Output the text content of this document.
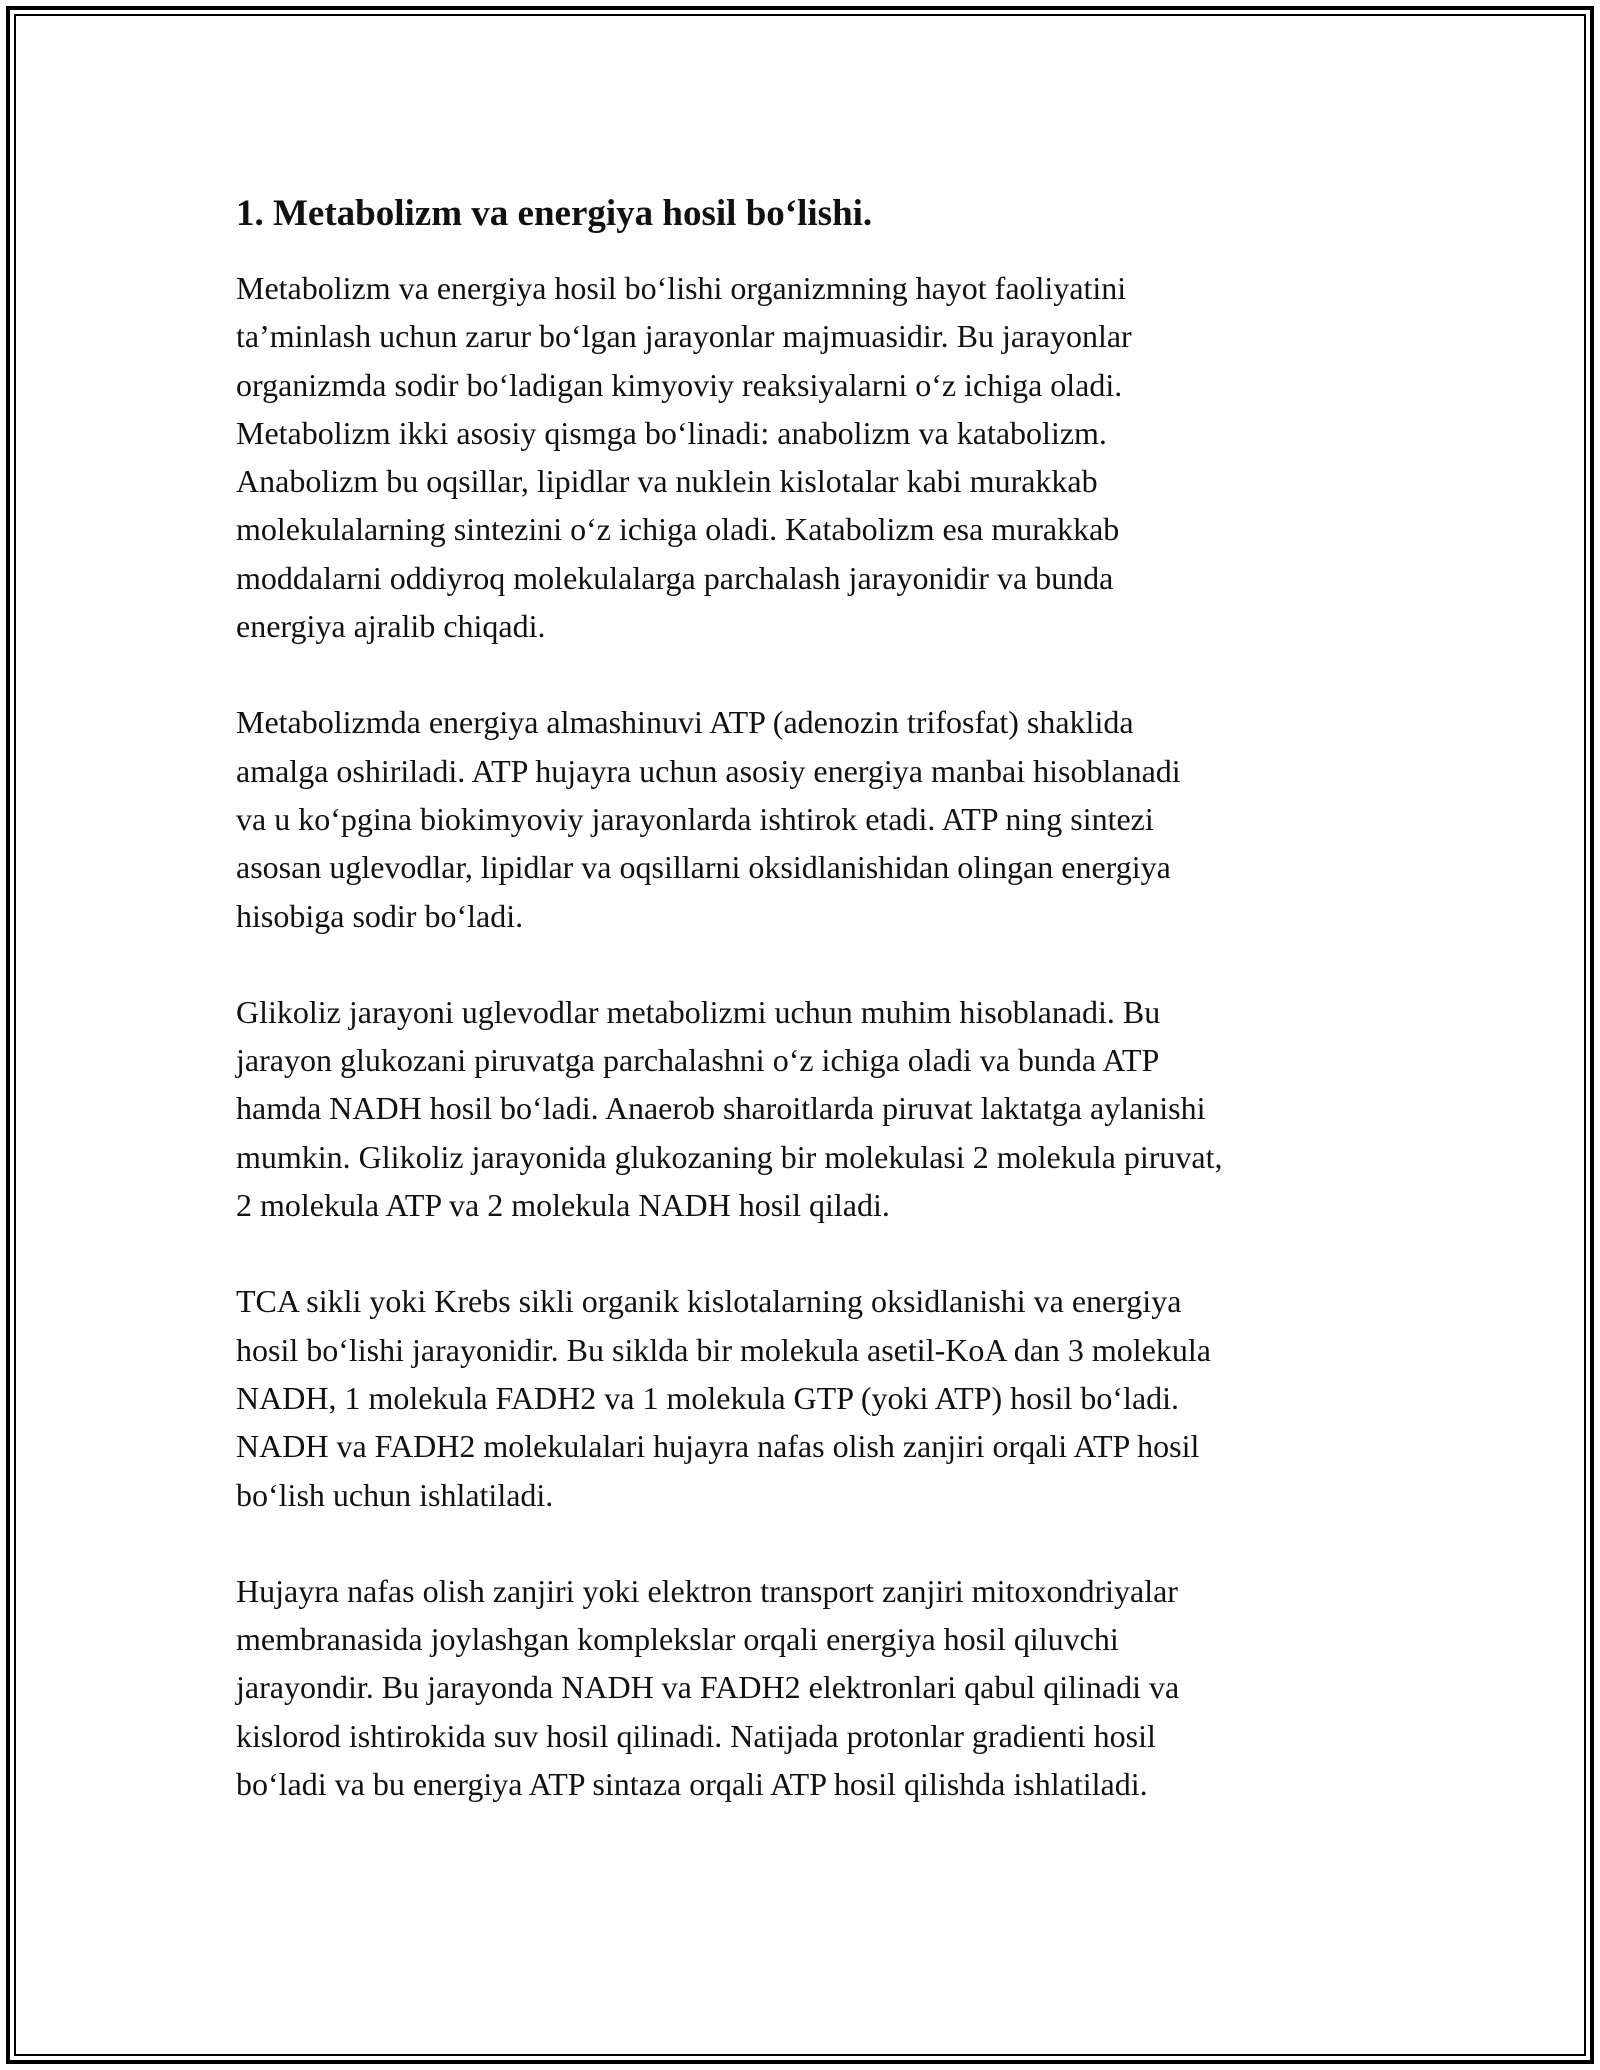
1. Metabolizm va energiya hosil bo‘lishi.

Metabolizm va energiya hosil bo‘lishi organizmning hayot faoliyatini
ta’minlash uchun zarur bo‘lgan jarayonlar majmuasidir. Bu jarayonlar
organizmda sodir bo‘ladigan kimyoviy reaksiyalarni o‘z ichiga oladi.
Metabolizm ikki asosiy qismga bo‘linadi: anabolizm va katabolizm.
Anabolizm bu oqsillar, lipidlar va nuklein kislotalar kabi murakkab
molekulalarning sintezini o‘z ichiga oladi. Katabolizm esa murakkab
moddalarni oddiyroq molekulalarga parchalash jarayonidir va bunda
energiya ajralib chiqadi.

Metabolizmda energiya almashinuvi ATP (adenozin trifosfat) shaklida
amalga oshiriladi. ATP hujayra uchun asosiy energiya manbai hisoblanadi
va u ko‘pgina biokimyoviy jarayonlarda ishtirok etadi. ATP ning sintezi
asosan uglevodlar, lipidlar va oqsillarni oksidlanishidan olingan energiya
hisobiga sodir bo‘ladi.

Glikoliz jarayoni uglevodlar metabolizmi uchun muhim hisoblanadi. Bu
jarayon glukozani piruvatga parchalashni o‘z ichiga oladi va bunda ATP
hamda NADH hosil bo‘ladi. Anaerob sharoitlarda piruvat laktatga aylanishi
mumkin. Glikoliz jarayonida glukozaning bir molekulasi 2 molekula piruvat,
2 molekula ATP va 2 molekula NADH hosil qiladi.

TCA sikli yoki Krebs sikli organik kislotalarning oksidlanishi va energiya
hosil bo‘lishi jarayonidir. Bu siklda bir molekula asetil-KoA dan 3 molekula
NADH, 1 molekula FADH2 va 1 molekula GTP (yoki ATP) hosil bo‘ladi.
NADH va FADH2 molekulalari hujayra nafas olish zanjiri orqali ATP hosil
bo‘lish uchun ishlatiladi.

Hujayra nafas olish zanjiri yoki elektron transport zanjiri mitoxondriyalar
membranasida joylashgan komplekslar orqali energiya hosil qiluvchi
jarayondir. Bu jarayonda NADH va FADH2 elektronlari qabul qilinadi va
kislorod ishtirokida suv hosil qilinadi. Natijada protonlar gradienti hosil
bo‘ladi va bu energiya ATP sintaza orqali ATP hosil qilishda ishlatiladi.
